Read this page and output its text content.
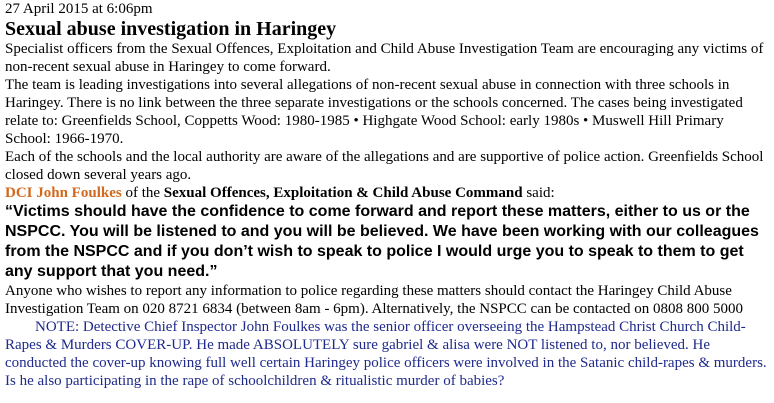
27 April 2015 at 6:06pm
Sexual abuse investigation in Haringey

Specialist officers from the Sexual Offences, Exploitation and Child Abuse Investigation Team are encouraging any victims of non-recent sexual abuse in Haringey to come forward.

The team is leading investigations into several allegations of non-recent sexual abuse in connection with three schools in Haringey. There is no link between the three separate investigations or the schools concerned. The cases being investigated relate to: Greenfields School, Coppetts Wood: 1980-1985 • Highgate Wood School: early 1980s • Muswell Hill Primary School: 1966-1970.

Each of the schools and the local authority are aware of the allegations and are supportive of police action. Greenfields School closed down several years ago.

DCI John Foulkes of the Sexual Offences, Exploitation & Child Abuse Command said:

“Victims should have the confidence to come forward and report these matters, either to us or the NSPCC. You will be listened to and you will be believed. We have been working with our colleagues from the NSPCC and if you don’t wish to speak to police I would urge you to speak to them to get any support that you need.”

Anyone who wishes to report any information to police regarding these matters should contact the Haringey Child Abuse Investigation Team on 020 8721 6834 (between 8am - 6pm). Alternatively, the NSPCC can be contacted on 0808 800 5000NOTE: Detective Chief Inspector John Foulkes was the senior officer overseeing the Hampstead Christ Church Child-Rapes & Murders COVER-UP. He made ABSOLUTELY sure gabriel & alisa were NOT listened to, nor believed. He conducted the cover-up knowing full well certain Haringey police officers were involved in the Satanic child-rapes & murders. Is he also participating in the rape of schoolchildren & ritualistic murder of babies?
